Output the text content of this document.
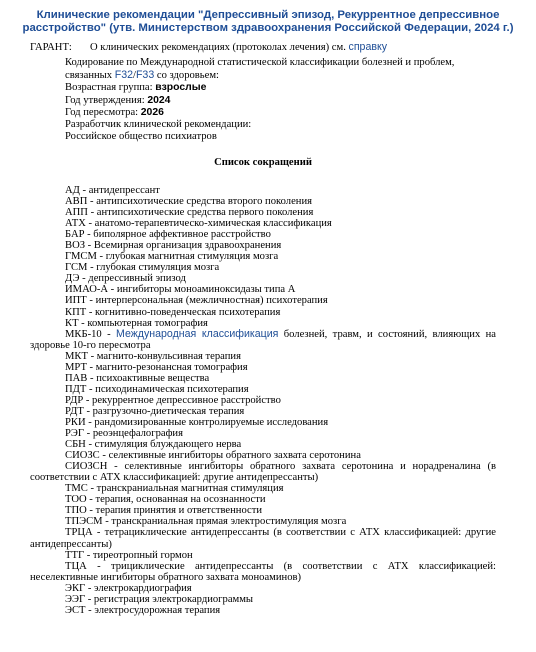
Клинические рекомендации "Депрессивный эпизод, Рекуррентное депрессивное расстройство" (утв. Министерством здравоохранения Российской Федерации, 2024 г.)
ГАРАНТ: О клинических рекомендациях (протоколах лечения) см. справку
Кодирование по Международной статистической классификации болезней и проблем, связанных F32/F33 со здоровьем:
Возрастная группа: взрослые
Год утверждения: 2024
Год пересмотра: 2026
Разработчик клинической рекомендации:
Российское общество психиатров
Список сокращений
АД - антидепрессант
АВП - антипсихотические средства второго поколения
АПП - антипсихотические средства первого поколения
АТХ - анатомо-терапевтическо-химическая классификация
БАР - биполярное аффективное расстройство
ВОЗ - Всемирная организация здравоохранения
ГМСМ - глубокая магнитная стимуляция мозга
ГСМ - глубокая стимуляция мозга
ДЭ - депрессивный эпизод
ИМАО-А - ингибиторы моноаминоксидазы типа А
ИПТ - интерперсональная (межличностная) психотерапия
КПТ - когнитивно-поведенческая психотерапия
КТ - компьютерная томография
МКБ-10 - Международная классификация болезней, травм, и состояний, влияющих на здоровье 10-го пересмотра
МКТ - магнито-конвульсивная терапия
МРТ - магнито-резонансная томография
ПАВ - психоактивные вещества
ПДТ - психодинамическая психотерапия
РДР - рекуррентное депрессивное расстройство
РДТ - разгрузочно-диетическая терапия
РКИ - рандомизированные контролируемые исследования
РЭГ - реоэнцефалография
СБН - стимуляция блуждающего нерва
СИОЗС - селективные ингибиторы обратного захвата серотонина
СИОЗСН - селективные ингибиторы обратного захвата серотонина и норадреналина (в соответствии с АТХ классификацией: другие антидепрессанты)
ТМС - транскраниальная магнитная стимуляция
ТОО - терапия, основанная на осознанности
ТПО - терапия принятия и ответственности
ТПЭСМ - транскраниальная прямая электростимуляция мозга
ТРЦА - тетрациклические антидепрессанты (в соответствии с АТХ классификацией: другие антидепрессанты)
ТТГ - тиреотропный гормон
ТЦА - трициклические антидепрессанты (в соответствии с АТХ классификацией: неселективные ингибиторы обратного захвата моноаминов)
ЭКГ - электрокардиография
ЭЭГ - регистрация электрокардиограммы
ЭСТ - электросудорожная терапия
